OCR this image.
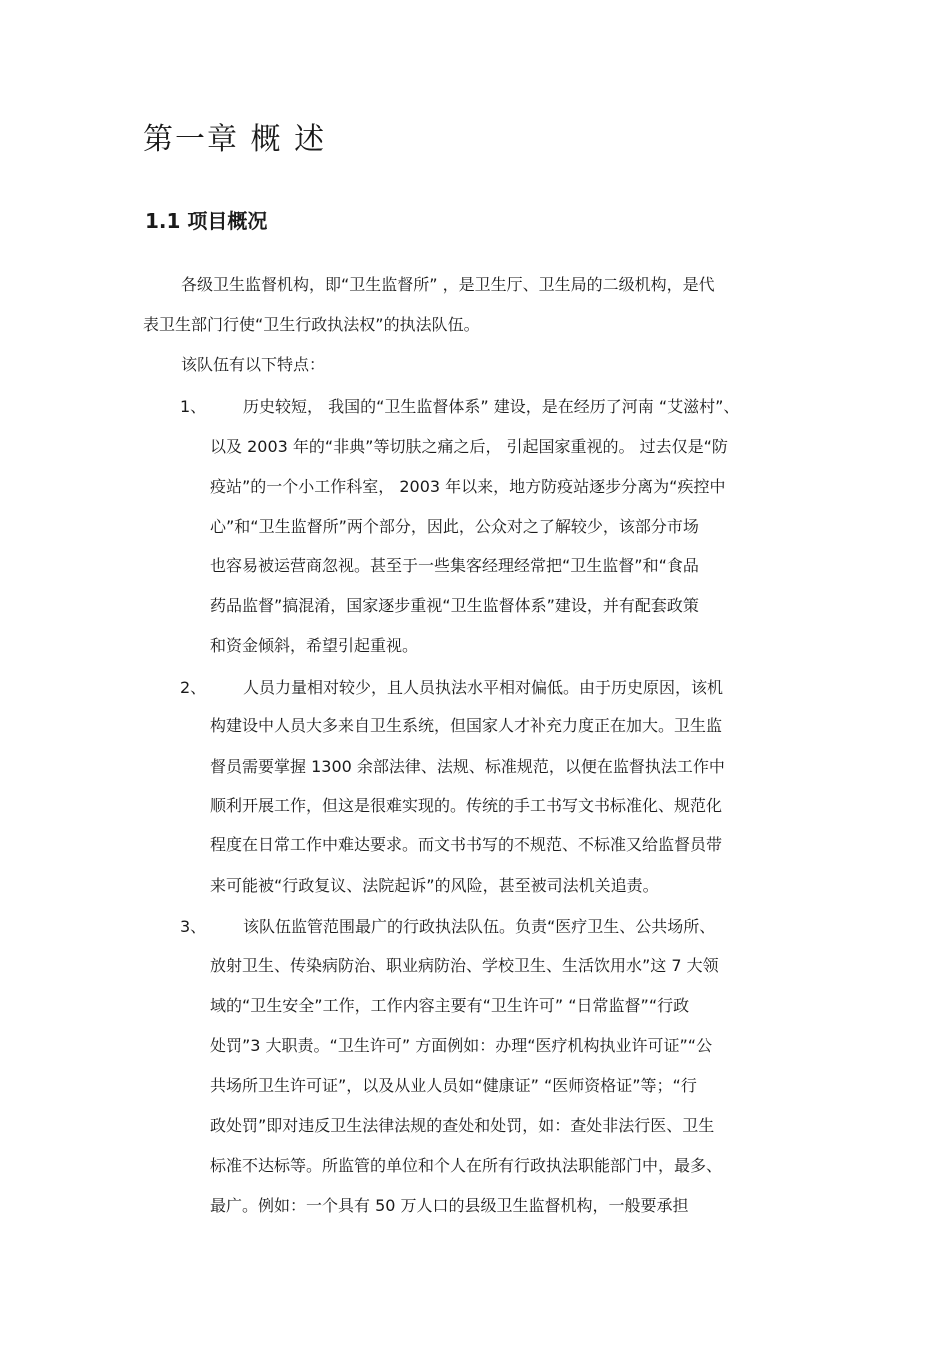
第一章 概 述
1.1 项目概况

各级卫生监督机构，即“卫生监督所” ，是卫生厅、卫生局的二级机构，是代

表卫生部门行使“卫生行政执法权”的执法队伍。

该队伍有以下特点：

1、 历史较短， 我国的“卫生监督体系” 建设，是在经历了河南 “艾滋村”、

以及 2003 年的“非典”等切肤之痛之后， 引起国家重视的。 过去仅是“防

疫站”的一个小工作科室， 2003 年以来，地方防疫站逐步分离为“疾控中

心”和“卫生监督所”两个部分，因此，公众对之了解较少，该部分市场

也容易被运营商忽视。甚至于一些集客经理经常把“卫生监督”和“食品

药品监督”搞混淆，国家逐步重视“卫生监督体系”建设，并有配套政策

和资金倾斜，希望引起重视。

2、 人员力量相对较少，且人员执法水平相对偏低。由于历史原因，该机

构建设中人员大多来自卫生系统，但国家人才补充力度正在加大。卫生监

督员需要掌握 1300 余部法律、法规、标准规范，以便在监督执法工作中

顺利开展工作，但这是很难实现的。传统的手工书写文书标准化、规范化

程度在日常工作中难达要求。而文书书写的不规范、不标准又给监督员带

来可能被“行政复议、法院起诉”的风险，甚至被司法机关追责。

3、 该队伍监管范围最广的行政执法队伍。负责“医疗卫生、公共场所、

放射卫生、传染病防治、职业病防治、学校卫生、生活饮用水”这 7 大领

域的“卫生安全”工作，工作内容主要有“卫生许可” “日常监督”“行政

处罚”3 大职责。“卫生许可” 方面例如：办理“医疗机构执业许可证”“公

共场所卫生许可证”，以及从业人员如“健康证” “医师资格证”等；“行

政处罚”即对违反卫生法律法规的查处和处罚，如：查处非法行医、卫生

标准不达标等。所监管的单位和个人在所有行政执法职能部门中，最多、

最广。例如：一个具有 50 万人口的县级卫生监督机构，一般要承担
